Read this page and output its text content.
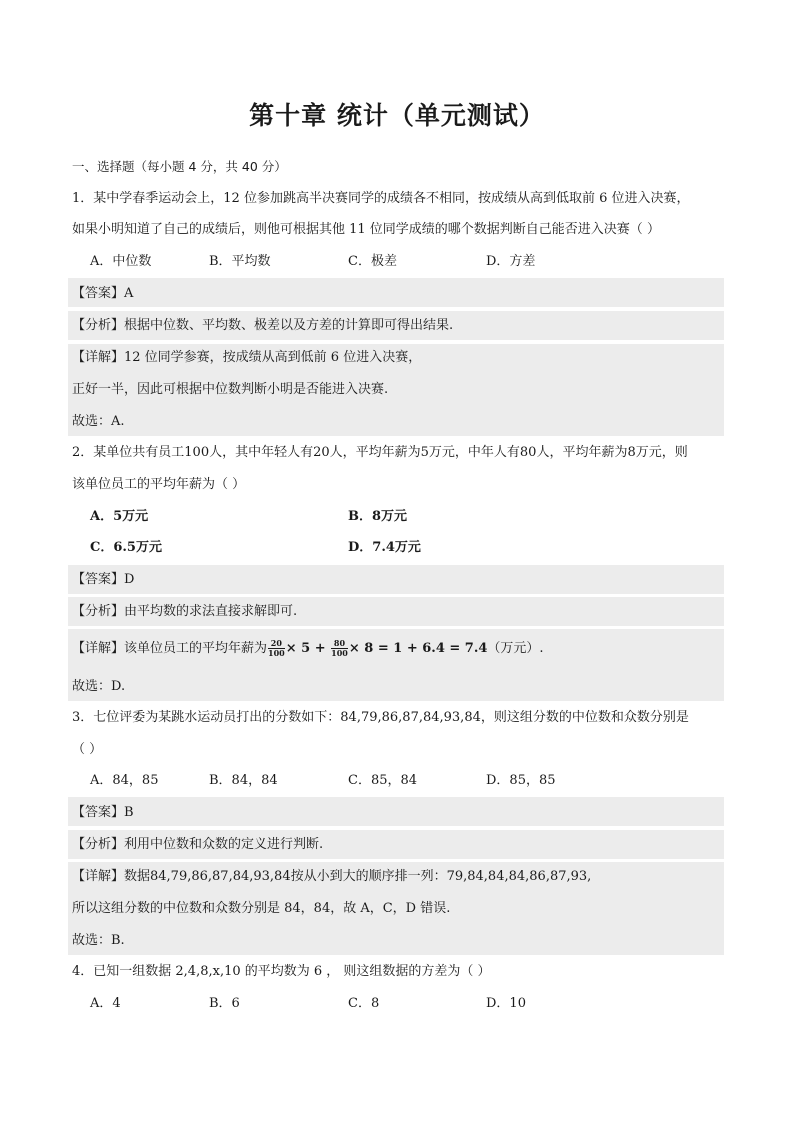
第十章 统计（单元测试）
一、选择题（每小题 4 分，共 40 分）
1．某中学春季运动会上，12 位参加跳高半决赛同学的成绩各不相同，按成绩从高到低取前 6 位进入决赛，
如果小明知道了自己的成绩后，则他可根据其他 11 位同学成绩的哪个数据判断自己能否进入决赛（ ）
A．中位数	B．平均数	C．极差	D．方差
【答案】A
【分析】根据中位数、平均数、极差以及方差的计算即可得出结果.
【详解】12 位同学参赛，按成绩从高到低前 6 位进入决赛，
正好一半，因此可根据中位数判断小明是否能进入决赛.
故选：A.
2．某单位共有员工100人，其中年轻人有20人，平均年薪为5万元，中年人有80人，平均年薪为8万元，则
该单位员工的平均年薪为（ ）
A．5万元	B．8万元
C．6.5万元	D．7.4万元
【答案】D
【分析】由平均数的求法直接求解即可.
【详解】该单位员工的平均年薪为 $\frac{20}{100} \times 5 + \frac{80}{100} \times 8 = 1 + 6.4 = 7.4$（万元）.
故选：D.
3．七位评委为某跳水运动员打出的分数如下：84,79,86,87,84,93,84，则这组分数的中位数和众数分别是
（ ）
A．84，85	B．84，84	C．85，84	D．85，85
【答案】B
【分析】利用中位数和众数的定义进行判断.
【详解】数据84,79,86,87,84,93,84按从小到大的顺序排一列：79,84,84,84,86,87,93,
所以这组分数的中位数和众数分别是 84，84，故 A，C，D 错误.
故选：B.
4．已知一组数据 2,4,8,x,10 的平均数为 6 ， 则这组数据的方差为（ ）
A．4	B．6	C．8	D．10
